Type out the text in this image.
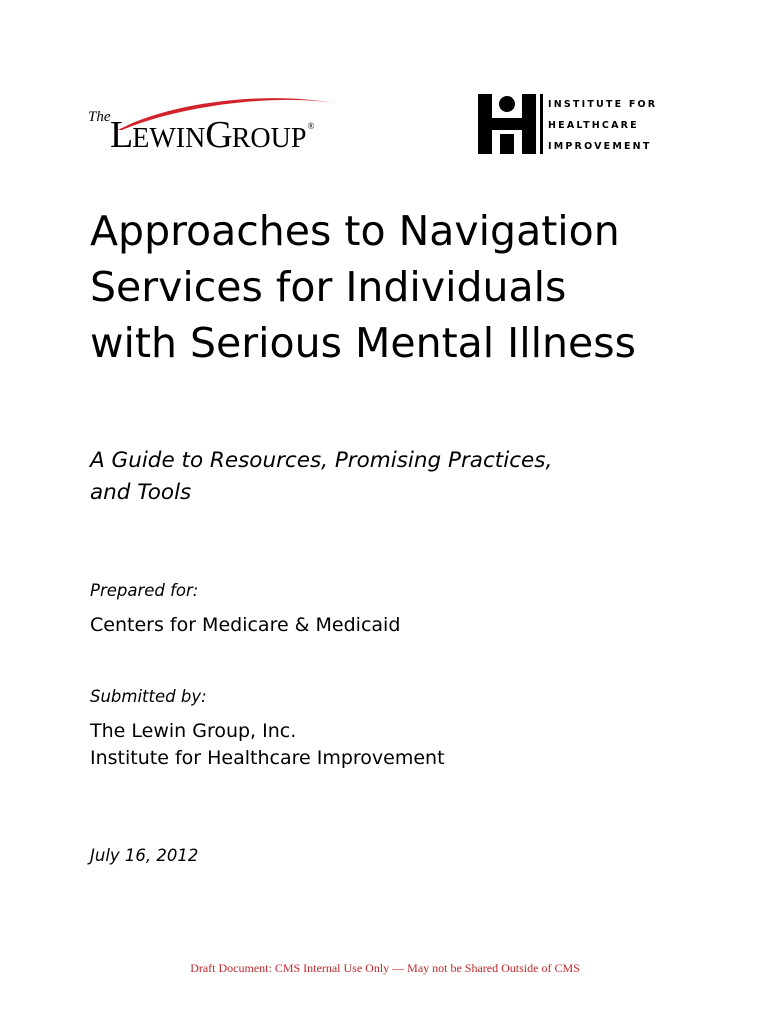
The LEWINGROUP®
INSTITUTE FOR
HEALTHCARE
IMPROVEMENT
Approaches to Navigation
Services for Individuals
with Serious Mental Illness
A Guide to Resources, Promising Practices,
and Tools
Prepared for:
Centers for Medicare & Medicaid
Submitted by:
The Lewin Group, Inc.
Institute for Healthcare Improvement
July 16, 2012
Draft Document: CMS Internal Use Only — May not be Shared Outside of CMS
